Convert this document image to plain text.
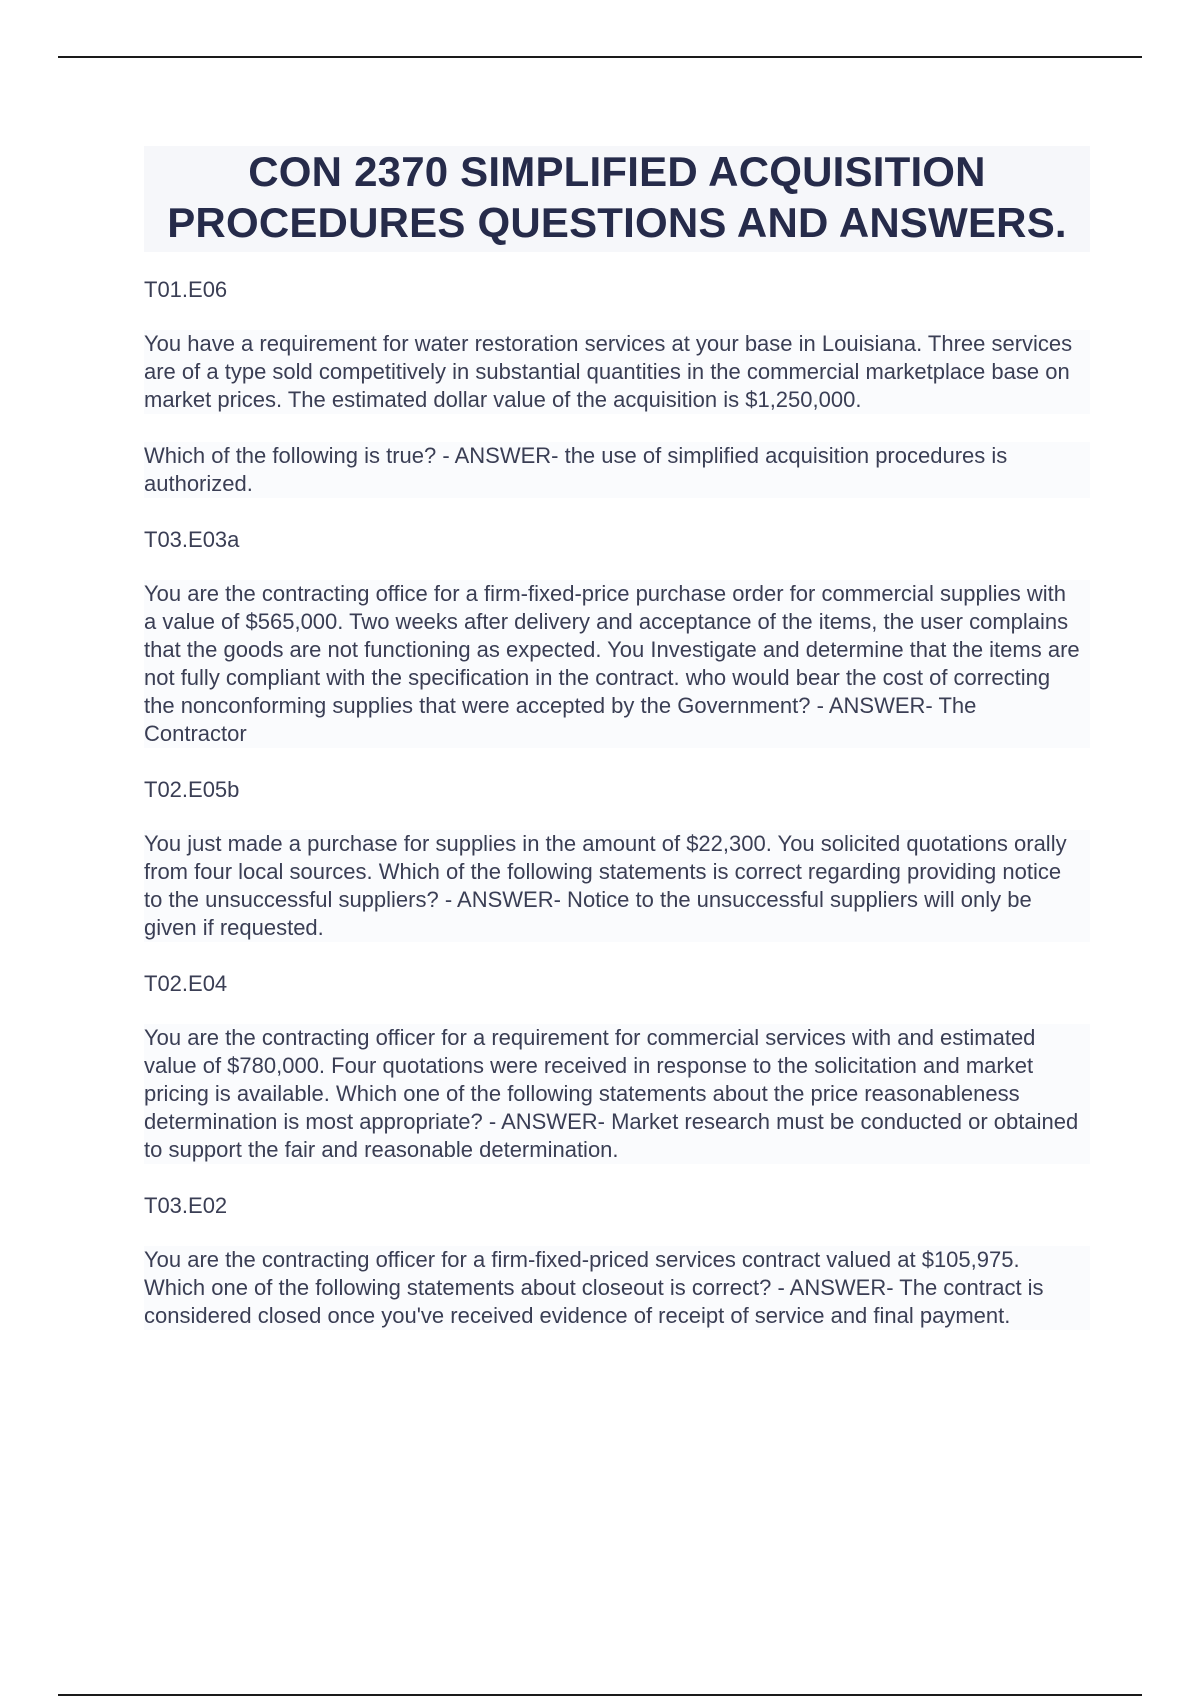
CON 2370 SIMPLIFIED ACQUISITION PROCEDURES QUESTIONS AND ANSWERS.
T01.E06
You have a requirement for water restoration services at your base in Louisiana. Three services are of a type sold competitively in substantial quantities in the commercial marketplace base on market prices. The estimated dollar value of the acquisition is $1,250,000.
Which of the following is true? - ANSWER- the use of simplified acquisition procedures is authorized.
T03.E03a
You are the contracting office for a firm-fixed-price purchase order for commercial supplies with a value of $565,000. Two weeks after delivery and acceptance of the items, the user complains that the goods are not functioning as expected. You Investigate and determine that the items are not fully compliant with the specification in the contract. who would bear the cost of correcting the nonconforming supplies that were accepted by the Government? - ANSWER- The Contractor
T02.E05b
You just made a purchase for supplies in the amount of $22,300. You solicited quotations orally from four local sources. Which of the following statements is correct regarding providing notice to the unsuccessful suppliers? - ANSWER- Notice to the unsuccessful suppliers will only be given if requested.
T02.E04
You are the contracting officer for a requirement for commercial services with and estimated value of $780,000. Four quotations were received in response to the solicitation and market pricing is available. Which one of the following statements about the price reasonableness determination is most appropriate? - ANSWER- Market research must be conducted or obtained to support the fair and reasonable determination.
T03.E02
You are the contracting officer for a firm-fixed-priced services contract valued at $105,975. Which one of the following statements about closeout is correct? - ANSWER- The contract is considered closed once you've received evidence of receipt of service and final payment.
